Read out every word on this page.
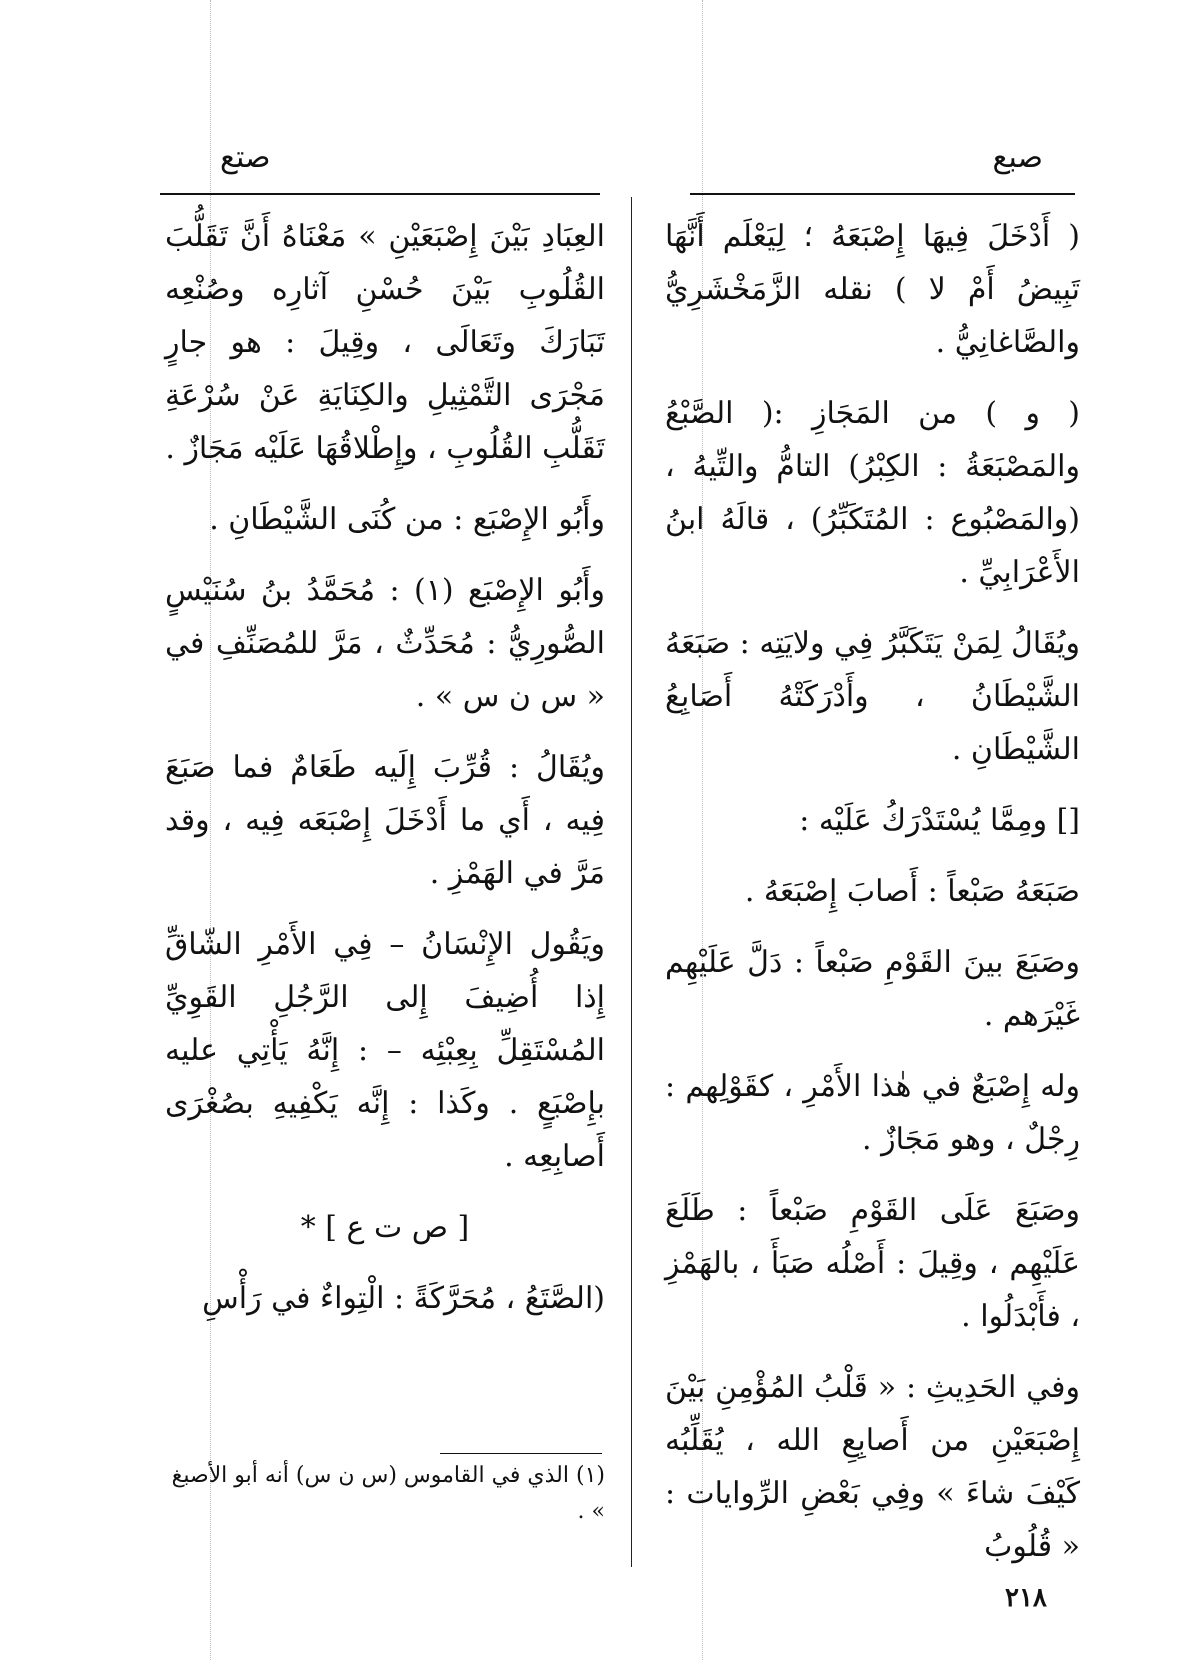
صبع
صتع

( أَدْخَلَ فِيهَا إِصْبَعَهُ ؛ لِيَعْلَم أَنَّهَا تَبِيضُ أَمْ لا ) نقله الزَّمَخْشَرِيُّ والصَّاغانِيُّ .

( و ) من المَجَازِ :( الصَّبْعُ والمَصْبَعَةُ : الكِبْرُ) التامُّ والتِّيهُ ،(والمَصْبُوع : المُتَكَبِّرُ) ، قالَهُ ابنُ الأَعْرَابِيِّ .

ويُقَالُ لِمَنْ يَتَكَبَّرُ فِي ولايَتِه : صَبَعَهُ الشَّيْطَانُ ، وأَدْرَكَتْهُ أَصَابِعُ الشَّيْطَانِ .

[] ومِمَّا يُسْتَدْرَكُ عَلَيْه :

صَبَعَهُ صَبْعاً : أَصابَ إِصْبَعَهُ .

وصَبَعَ بينَ القَوْمِ صَبْعاً : دَلَّ عَلَيْهِم غَيْرَهم .

وله إِصْبَعٌ في هٰذا الأَمْرِ ، كقَوْلِهم : رِجْلٌ ، وهو مَجَازٌ .

وصَبَعَ عَلَى القَوْمِ صَبْعاً : طَلَعَ عَلَيْهِم ، وقِيلَ : أَصْلُه صَبَأَ ، بالهَمْزِ ، فأَبْدَلُوا .

وفي الحَدِيثِ : « قَلْبُ المُؤْمِنِ بَيْنَ إِصْبَعَيْنِ من أَصابِعِ الله ، يُقَلِّبُه كَيْفَ شاءَ » وفِي بَعْضِ الرِّوايات : « قُلُوبُ

العِبَادِ بَيْنَ إِصْبَعَيْنِ » مَعْنَاهُ أَنَّ تَقَلُّبَ القُلُوبِ بَيْنَ حُسْنِ آثارِه وصُنْعِه تَبَارَكَ وتَعَالَى ، وقِيلَ : هو جارٍ مَجْرَى التَّمْثِيلِ والكِنَايَةِ عَنْ سُرْعَةِ تَقَلُّبِ القُلُوبِ ، وإِطْلاقُهَا عَلَيْه مَجَازٌ .

وأَبُو الإِصْبَع : من كُنَى الشَّيْطَانِ .

وأَبُو الإِصْبَع (١) : مُحَمَّدُ بنُ سُنَيْسٍ الصُّورِيُّ : مُحَدِّثٌ ، مَرَّ للمُصَنِّفِ في « س ن س » .

ويُقَالُ : قُرِّبَ إِلَيه طَعَامٌ فما صَبَعَ فِيه ، أَي ما أَدْخَلَ إِصْبَعَه فِيه ، وقد مَرَّ في الهَمْزِ .

ويَقُول الإِنْسَانُ – فِي الأَمْرِ الشّاقِّ إِذا أُضِيفَ إِلى الرَّجُلِ القَوِيِّ المُسْتَقِلِّ بِعِبْئِه – : إِنَّهُ يَأْتِي عليه بإِصْبَعٍ . وكَذا : إِنَّه يَكْفِيهِ بصُغْرَى أَصابِعِه .

[ ص ت ع ] *

(الصَّتَعُ ، مُحَرَّكَةً : الْتِواءٌ في رَأْسِ

(١) الذي في القاموس (س ن س) أنه أبو الأصبغ » .
٢١٨
